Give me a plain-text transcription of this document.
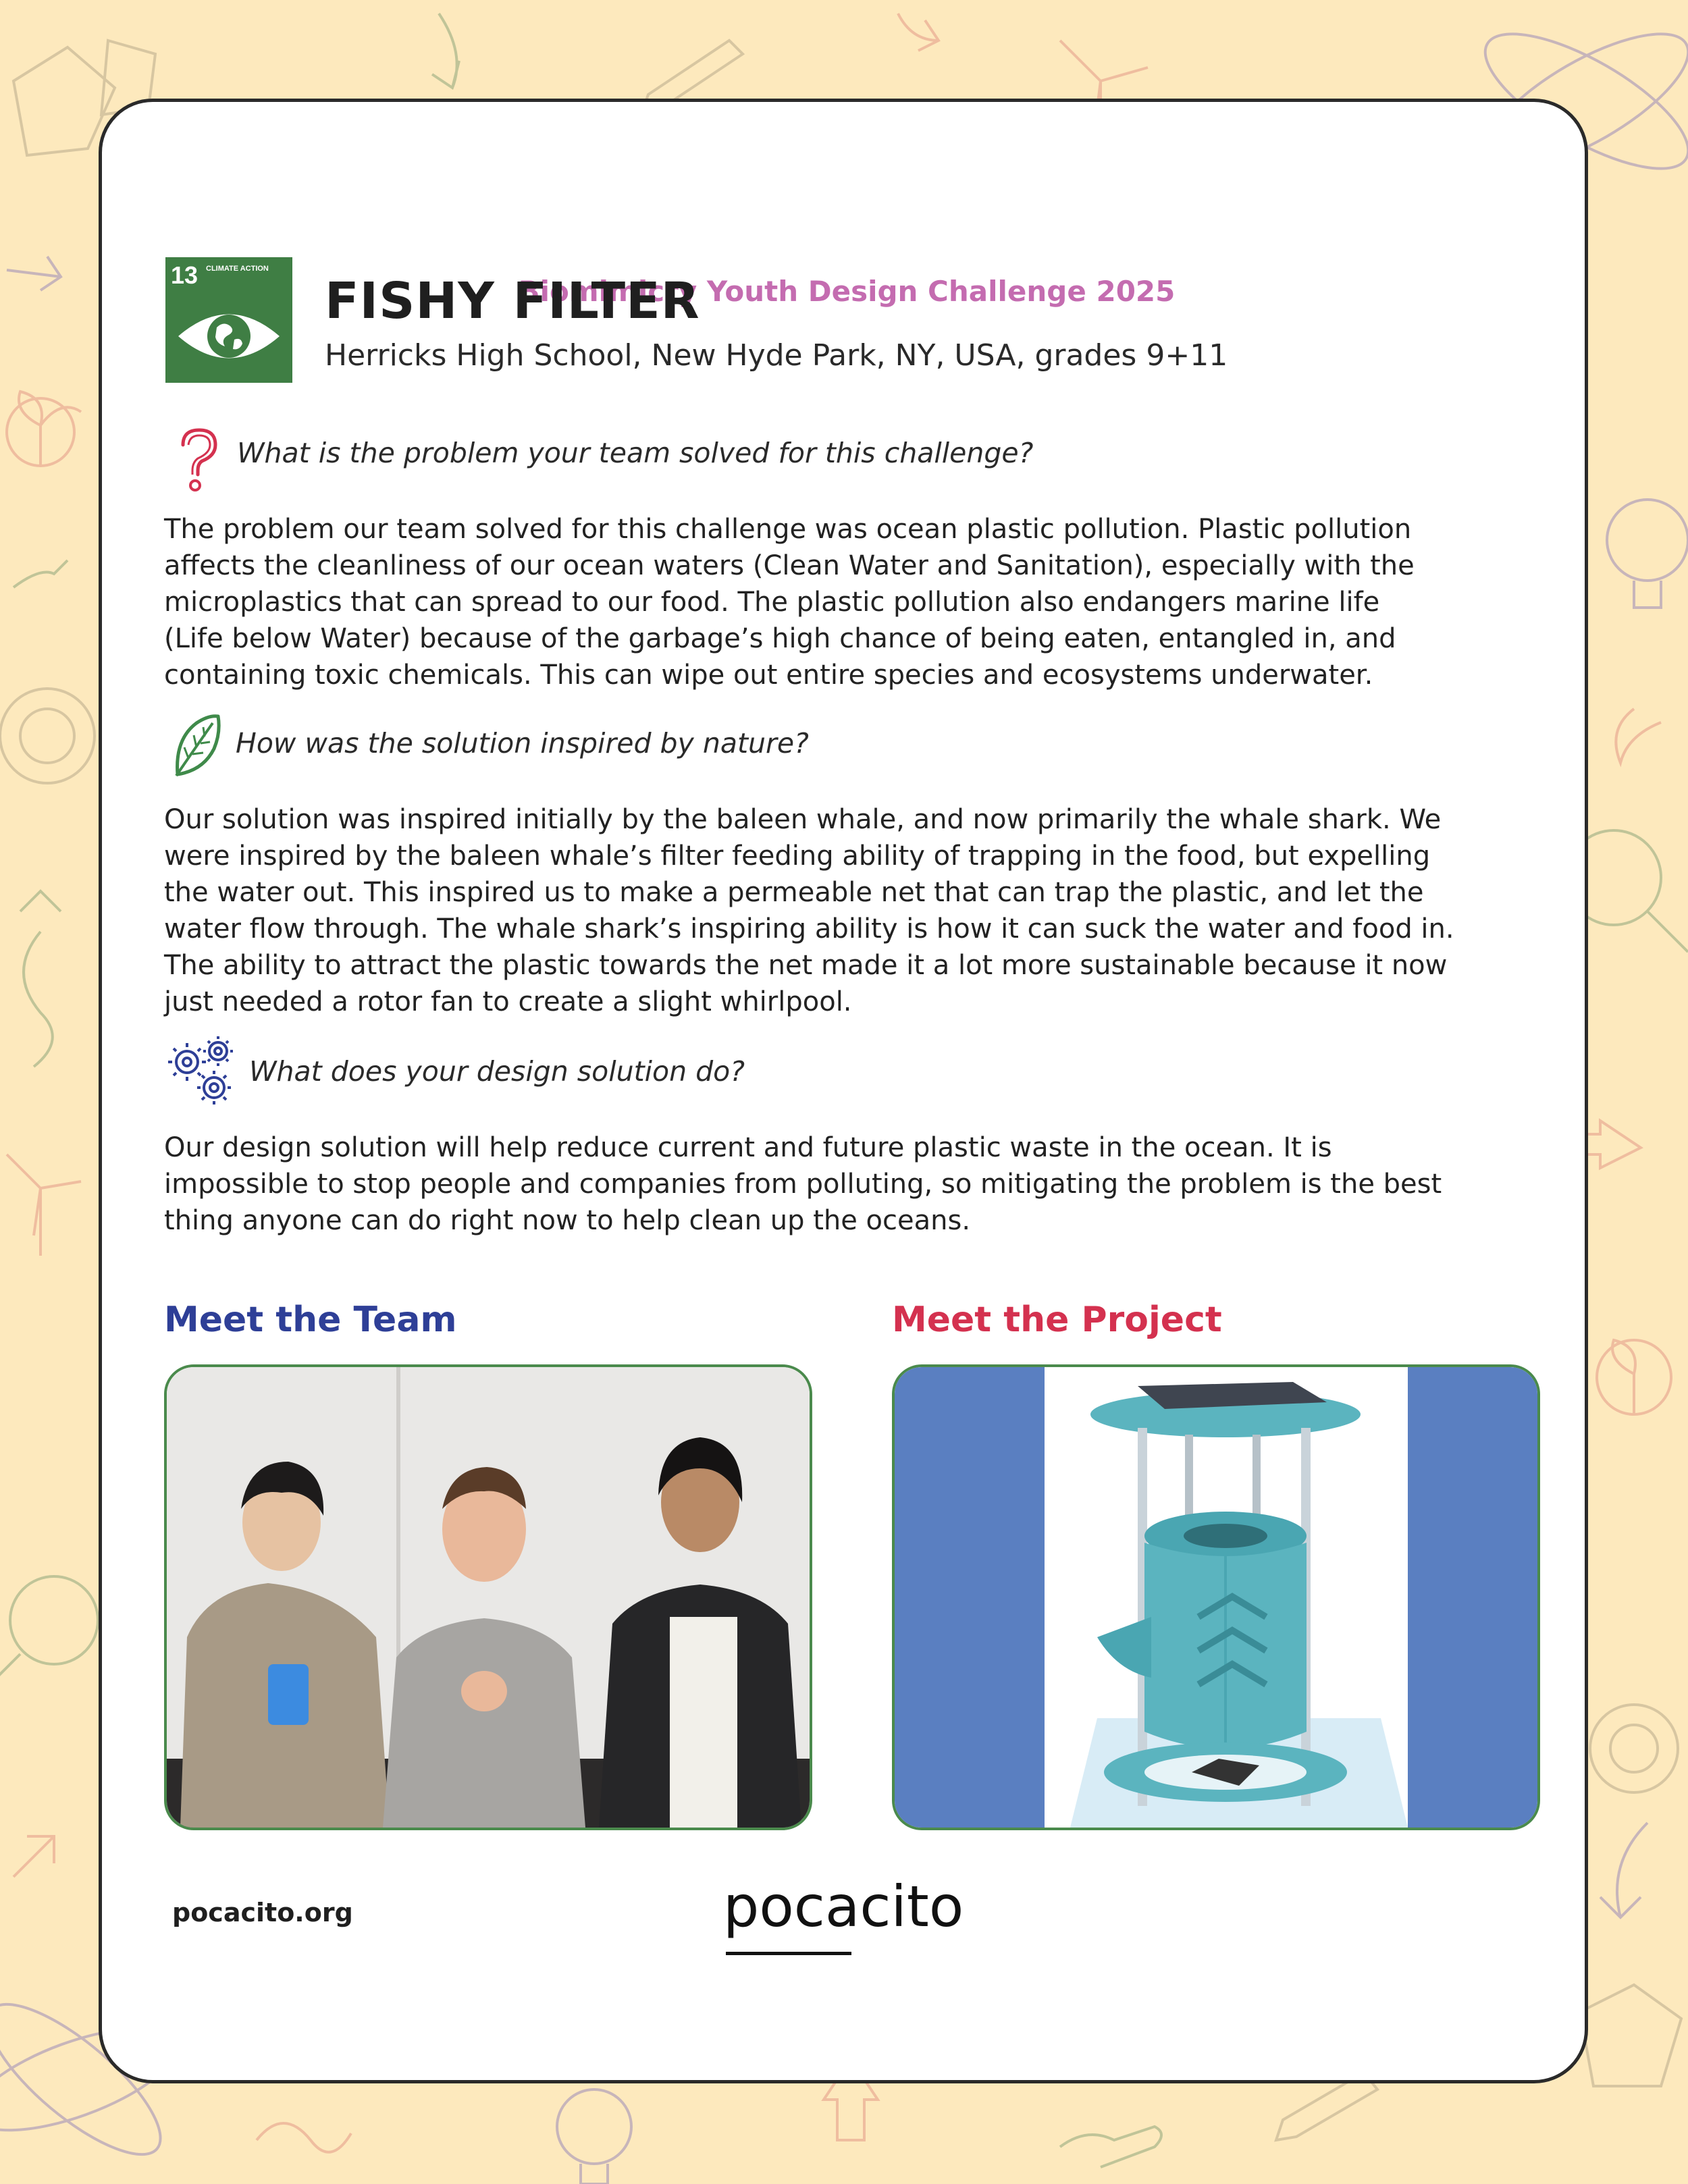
Biomimicry Youth Design Challenge 2025
13 CLIMATE ACTION
FISHY FILTER
Herricks High School, New Hyde Park, NY, USA, grades 9+11
What is the problem your team solved for this challenge?
The problem our team solved for this challenge was ocean plastic pollution. Plastic pollution
affects the cleanliness of our ocean waters (Clean Water and Sanitation), especially with the
microplastics that can spread to our food. The plastic pollution also endangers marine life
(Life below Water) because of the garbage’s high chance of being eaten, entangled in, and
containing toxic chemicals. This can wipe out entire species and ecosystems underwater.
How was the solution inspired by nature?
Our solution was inspired initially by the baleen whale, and now primarily the whale shark. We
were inspired by the baleen whale’s filter feeding ability of trapping in the food, but expelling
the water out. This inspired us to make a permeable net that can trap the plastic, and let the
water flow through. The whale shark’s inspiring ability is how it can suck the water and food in.
The ability to attract the plastic towards the net made it a lot more sustainable because it now
just needed a rotor fan to create a slight whirlpool.
What does your design solution do?
Our design solution will help reduce current and future plastic waste in the ocean. It is
impossible to stop people and companies from polluting, so mitigating the problem is the best
thing anyone can do right now to help clean up the oceans.
Meet the Team	Meet the Project
pocacito.org	pocacito
